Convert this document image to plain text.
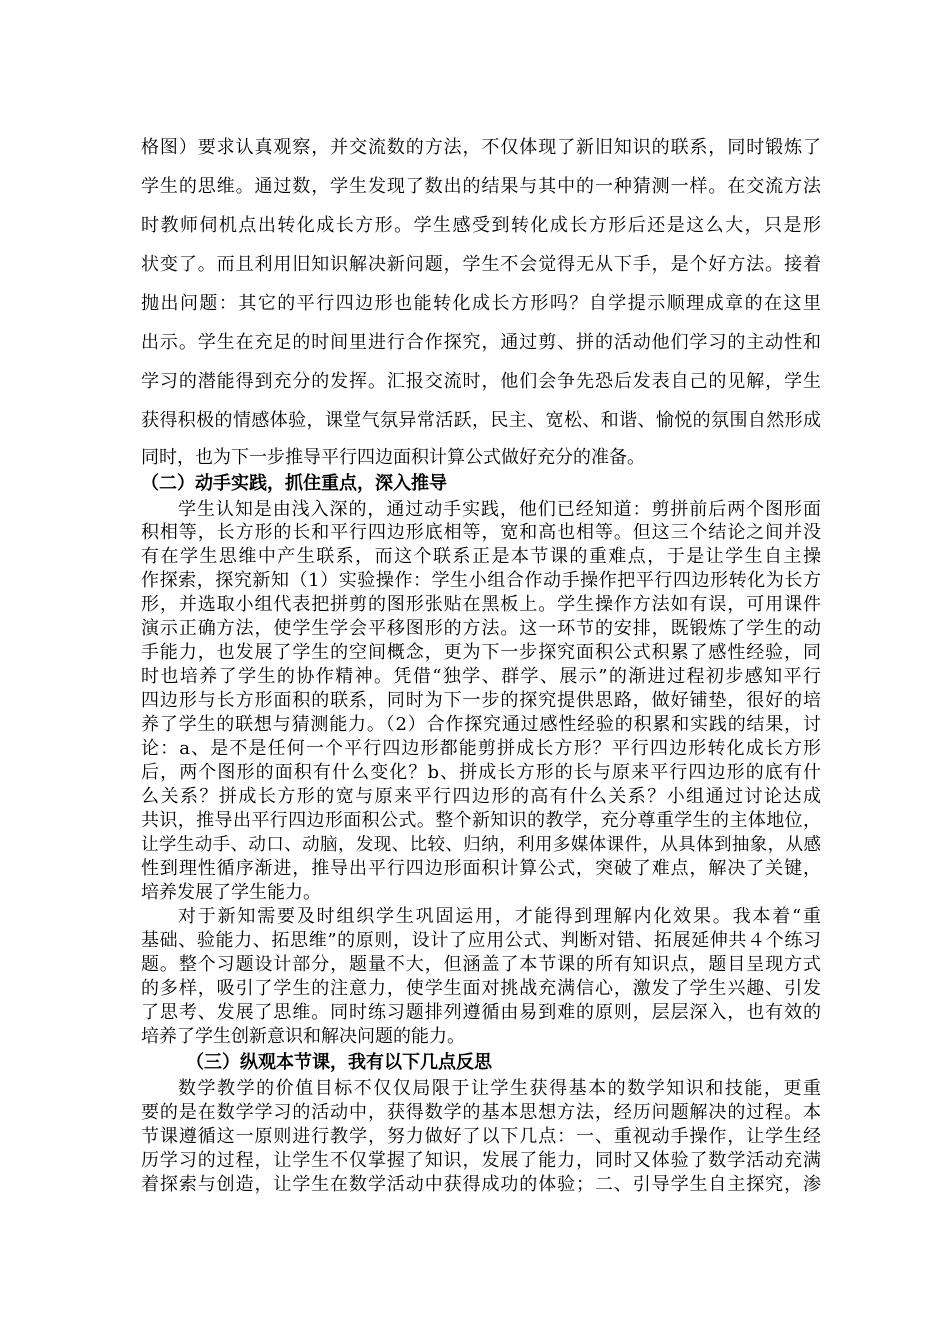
格图）要求认真观察，并交流数的方法，不仅体现了新旧知识的联系，同时锻炼了
学生的思维。通过数，学生发现了数出的结果与其中的一种猜测一样。在交流方法
时教师伺机点出转化成长方形。学生感受到转化成长方形后还是这么大，只是形
状变了。而且利用旧知识解决新问题，学生不会觉得无从下手，是个好方法。接着
抛出问题：其它的平行四边形也能转化成长方形吗？自学提示顺理成章的在这里
出示。学生在充足的时间里进行合作探究，通过剪、拼的活动他们学习的主动性和
学习的潜能得到充分的发挥。汇报交流时，他们会争先恐后发表自己的见解，学生
获得积极的情感体验，课堂气氛异常活跃，民主、宽松、和谐、愉悦的氛围自然形成
同时，也为下一步推导平行四边面积计算公式做好充分的准备。
（二）动手实践，抓住重点，深入推导
学生认知是由浅入深的，通过动手实践，他们已经知道：剪拼前后两个图形面
积相等，长方形的长和平行四边形底相等，宽和高也相等。但这三个结论之间并没
有在学生思维中产生联系，而这个联系正是本节课的重难点，于是让学生自主操
作探索，探究新知（1）实验操作：学生小组合作动手操作把平行四边形转化为长方
形，并选取小组代表把拼剪的图形张贴在黑板上。学生操作方法如有误，可用课件
演示正确方法，使学生学会平移图形的方法。这一环节的安排，既锻炼了学生的动
手能力，也发展了学生的空间概念，更为下一步探究面积公式积累了感性经验，同
时也培养了学生的协作精神。凭借“独学、群学、展示”的渐进过程初步感知平行
四边形与长方形面积的联系，同时为下一步的探究提供思路，做好铺垫，很好的培
养了学生的联想与猜测能力。（2）合作探究通过感性经验的积累和实践的结果，讨
论：a、是不是任何一个平行四边形都能剪拼成长方形？平行四边形转化成长方形
后，两个图形的面积有什么变化？b、拼成长方形的长与原来平行四边形的底有什
么关系？拼成长方形的宽与原来平行四边形的高有什么关系？小组通过讨论达成
共识，推导出平行四边形面积公式。整个新知识的教学，充分尊重学生的主体地位，
让学生动手、动口、动脑，发现、比较、归纳，利用多媒体课件，从具体到抽象，从感
性到理性循序渐进，推导出平行四边形面积计算公式，突破了难点，解决了关键，
培养发展了学生能力。
对于新知需要及时组织学生巩固运用，才能得到理解内化效果。我本着“重
基础、验能力、拓思维”的原则，设计了应用公式、判断对错、拓展延伸共４个练习
题。整个习题设计部分，题量不大，但涵盖了本节课的所有知识点，题目呈现方式
的多样，吸引了学生的注意力，使学生面对挑战充满信心，激发了学生兴趣、引发
了思考、发展了思维。同时练习题排列遵循由易到难的原则，层层深入，也有效的
培养了学生创新意识和解决问题的能力。
（三）纵观本节课，我有以下几点反思
数学教学的价值目标不仅仅局限于让学生获得基本的数学知识和技能，更重
要的是在数学学习的活动中，获得数学的基本思想方法，经历问题解决的过程。本
节课遵循这一原则进行教学，努力做好了以下几点：一、重视动手操作，让学生经
历学习的过程，让学生不仅掌握了知识，发展了能力，同时又体验了数学活动充满
着探索与创造，让学生在数学活动中获得成功的体验；二、引导学生自主探究，渗
